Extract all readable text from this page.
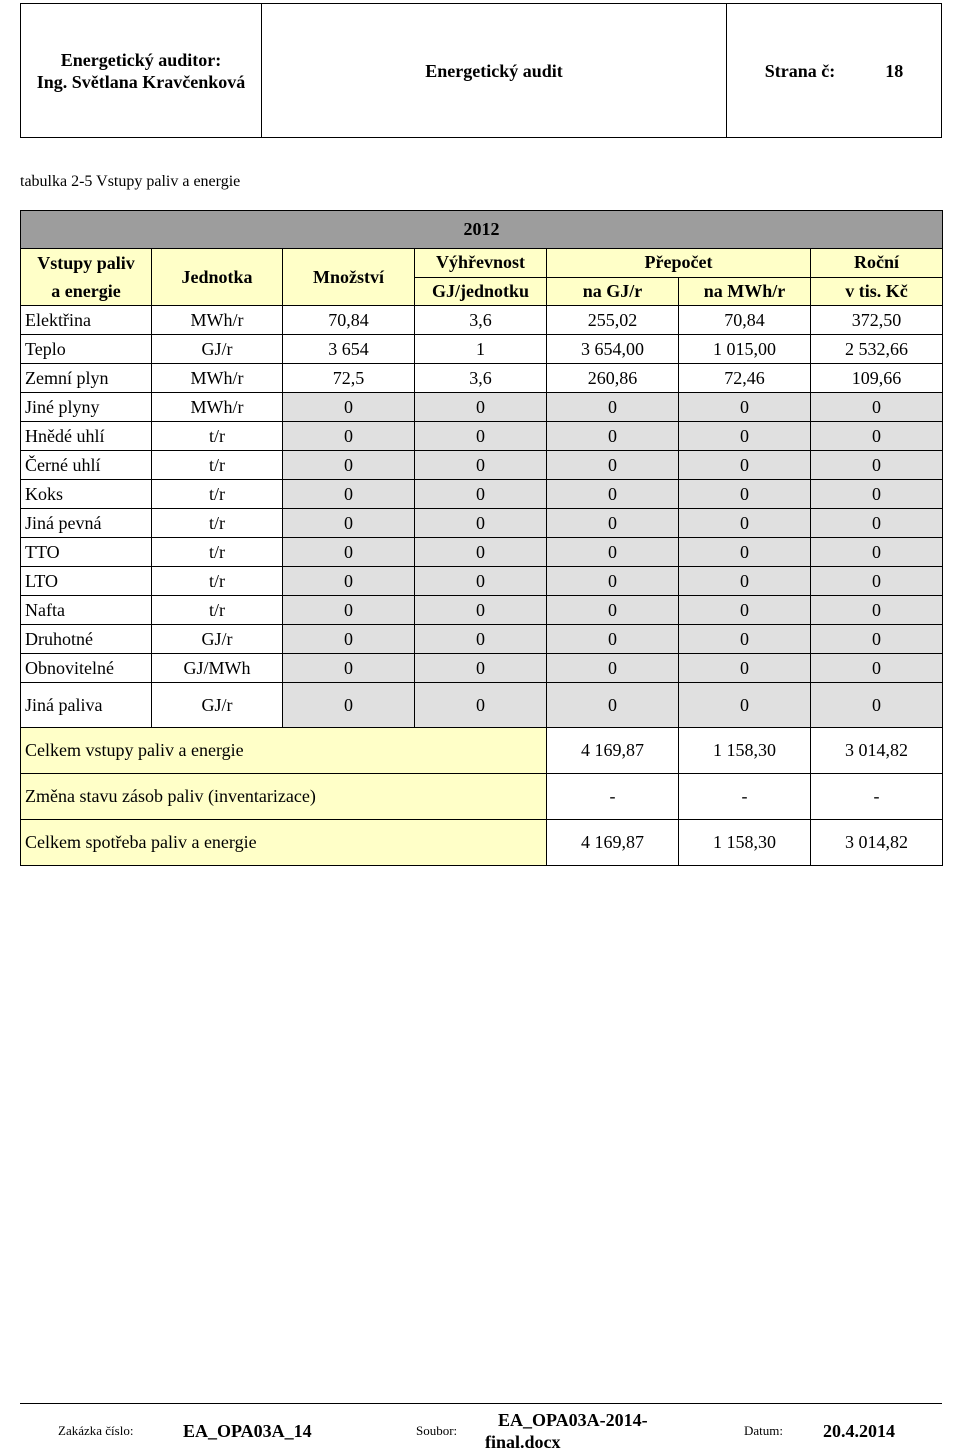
Energetický auditor:
Ing. Světlana Kravčenková
Energetický audit	Strana č:	18
tabulka 2-5 Vstupy paliv a energie
2012						

Vstupy paliv
a energie	Jednotka	Množství	Výhřevnost	Přepočet		Roční
			GJ/jednotku	na GJ/r	na MWh/r	v tis. Kč
Elektřina	MWh/r	70,84	3,6	255,02	70,84	372,50
Teplo	GJ/r	3 654	1	3 654,00	1 015,00	2 532,66
Zemní plyn	MWh/r	72,5	3,6	260,86	72,46	109,66
Jiné plyny	MWh/r	0	0	0	0	0
Hnědé uhlí	t/r	0	0	0	0	0
Černé uhlí	t/r	0	0	0	0	0
Koks	t/r	0	0	0	0	0
Jiná pevná	t/r	0	0	0	0	0
TTO	t/r	0	0	0	0	0
LTO	t/r	0	0	0	0	0
Nafta	t/r	0	0	0	0	0
Druhotné	GJ/r	0	0	0	0	0
Obnovitelné	GJ/MWh	0	0	0	0	0
Jiná paliva	GJ/r	0	0	0	0	0
Celkem vstupy paliv a energie				4 169,87	1 158,30	3 014,82
Změna stavu zásob paliv (inventarizace)				-	-	-
Celkem spotřeba paliv a energie				4 169,87	1 158,30	3 014,82
Zakázka číslo:	EA_OPA03A_14	Soubor:
EA_OPA03A-2014-
final.docx
Datum: 20.4.2014
